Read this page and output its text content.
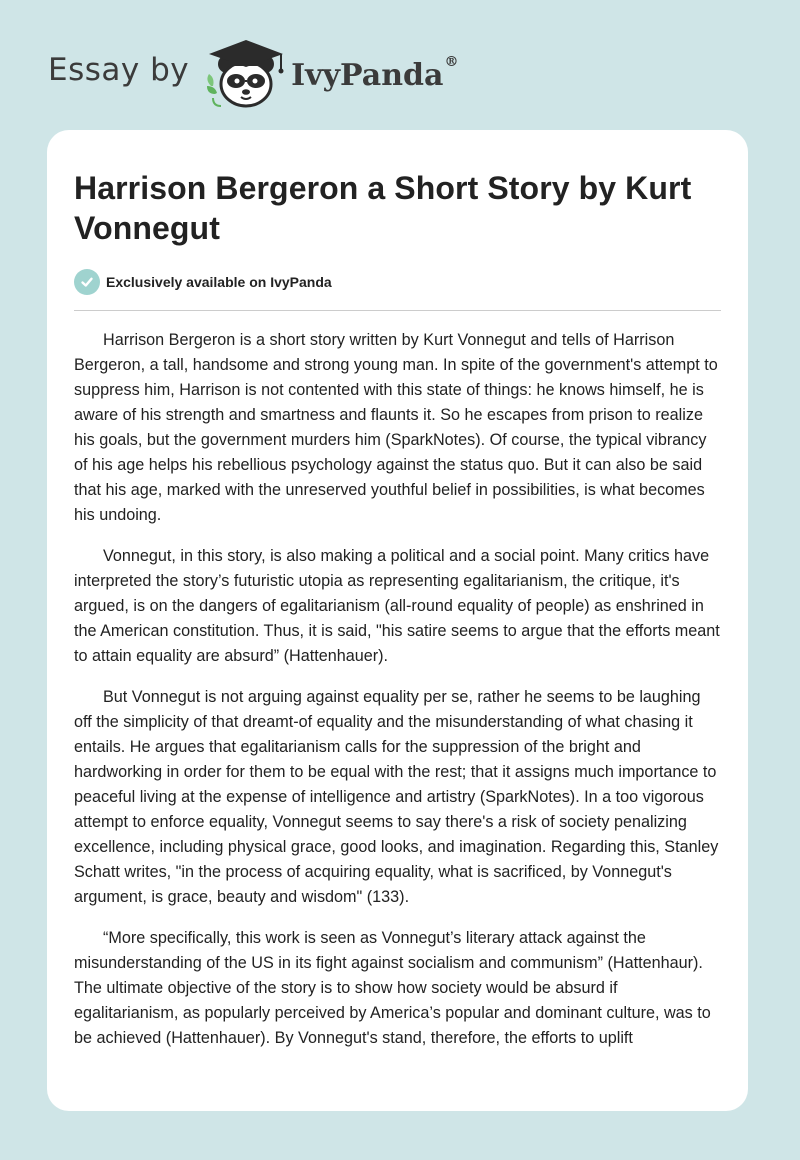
Essay by	IvyPanda®
Harrison Bergeron a Short Story by Kurt Vonnegut
Exclusively available on IvyPanda

Harrison Bergeron is a short story written by Kurt Vonnegut and tells of Harrison Bergeron, a tall, handsome and strong young man. In spite of the government's attempt to suppress him, Harrison is not contented with this state of things: he knows himself, he is aware of his strength and smartness and flaunts it. So he escapes from prison to realize his goals, but the government murders him (SparkNotes). Of course, the typical vibrancy of his age helps his rebellious psychology against the status quo. But it can also be said that his age, marked with the unreserved youthful belief in possibilities, is what becomes his undoing.

Vonnegut, in this story, is also making a political and a social point. Many critics have interpreted the story’s futuristic utopia as representing egalitarianism, the critique, it's argued, is on the dangers of egalitarianism (all-round equality of people) as enshrined in the American constitution. Thus, it is said, "his satire seems to argue that the efforts meant to attain equality are absurd” (Hattenhauer).

But Vonnegut is not arguing against equality per se, rather he seems to be laughing off the simplicity of that dreamt-of equality and the misunderstanding of what chasing it entails. He argues that egalitarianism calls for the suppression of the bright and hardworking in order for them to be equal with the rest; that it assigns much importance to peaceful living at the expense of intelligence and artistry (SparkNotes). In a too vigorous attempt to enforce equality, Vonnegut seems to say there's a risk of society penalizing excellence, including physical grace, good looks, and imagination. Regarding this, Stanley Schatt writes, "in the process of acquiring equality, what is sacrificed, by Vonnegut's argument, is grace, beauty and wisdom" (133).

“More specifically, this work is seen as Vonnegut’s literary attack against the misunderstanding of the US in its fight against socialism and communism” (Hattenhaur). The ultimate objective of the story is to show how society would be absurd if egalitarianism, as popularly perceived by America’s popular and dominant culture, was to be achieved (Hattenhauer). By Vonnegut's stand, therefore, the efforts to uplift
